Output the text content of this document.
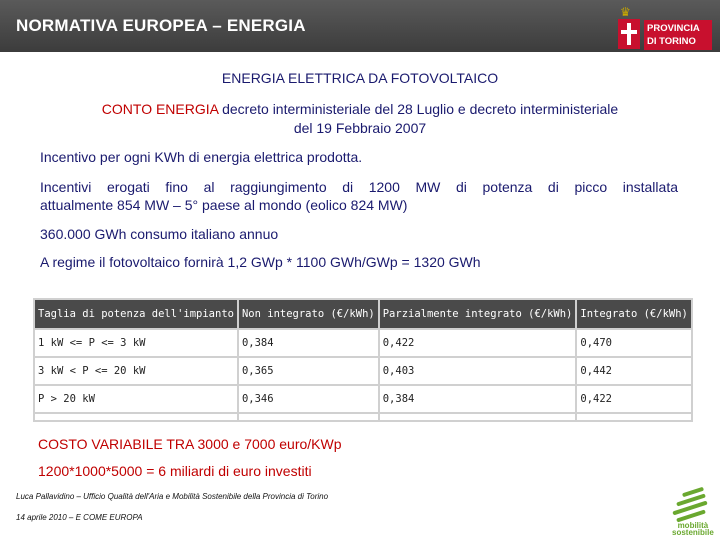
NORMATIVA EUROPEA – ENERGIA
♛
PROVINCIA
DI TORINO

ENERGIA ELETTRICA DA FOTOVOLTAICO

CONTO ENERGIA decreto interministeriale del 28 Luglio e decreto interministeriale
del 19 Febbraio 2007

Incentivo per ogni KWh di energia elettrica prodotta.

Incentivi erogati fino al raggiungimento di 1200 MW di potenza di picco installata

attualmente 854 MW – 5° paese al mondo (eolico 824 MW)

360.000 GWh consumo italiano annuo

A regime il fotovoltaico fornirà 1,2 GWp * 1100 GWh/GWp = 1320 GWh

Taglia di potenza dell'impianto	Non integrato (€/kWh)	Parzialmente integrato (€/kWh)	Integrato (€/kWh)
1 kW <= P <= 3 kW	0,384	0,422	0,470
3 kW < P <= 20 kW	0,365	0,403	0,442
P > 20 kW	0,346	0,384	0,422

COSTO VARIABILE TRA 3000 e 7000 euro/KWp

1200*1000*5000 = 6 miliardi di euro investiti

Luca Pallavidino – Ufficio Qualità dell'Aria e Mobilità Sostenibile della Provincia di Torino
14 aprile 2010 – E COME EUROPA
mobilità
sostenibile
